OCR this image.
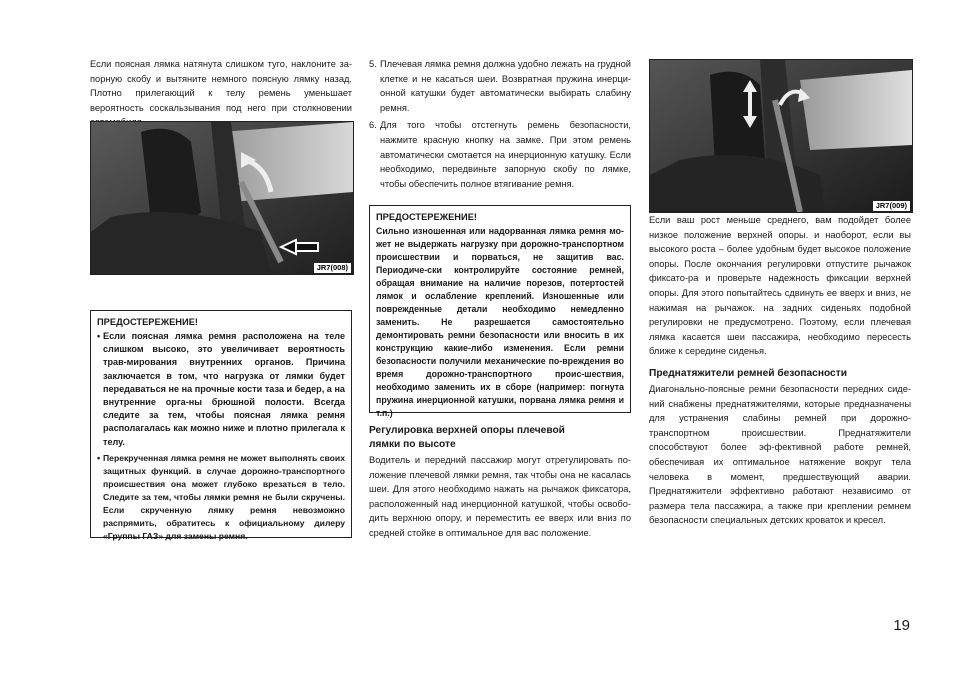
Если поясная лямка натянута слишком туго, наклоните за-порную скобу и вытяните немного поясную лямку назад. Плотно прилегающий к телу ремень уменьшает вероятность соскальзывания под него при столкновении

JR7(008)

ПРЕДОСТЕРЕЖЕНИЕ!

• Если поясная лямка ремня расположена на теле слишком высоко, это увеличивает вероятность трав-мирования внутренних органов. Причина заключается в том, что нагрузка от лямки будет передаваться не на прочные кости таза и бедер, а на внутренние орга-ны брюшной полости. Всегда следите за тем, чтобы поясная лямка ремня располагалась как можно ниже и плотно прилегала к телу.
• Перекрученная лямка ремня не может выполнять своих защитных функций. в случае дорожно-транспортного происшествия она может глубоко врезаться в тело. Следите за тем, чтобы лямки ремня не были скручены. Если скрученную лямку ремня невозможно распрямить, обратитесь к официальному дилеру «Группы ГАЗ» для замены ремня.
5. Плечевая лямка ремня должна удобно лежать на грудной клетке и не касаться шеи. Возвратная пружина инерци-онной катушки будет автоматически выбирать слабину ремня.
6. Для того чтобы отстегнуть ремень безопасности, нажмите красную кнопку на замке. При этом ремень автоматически смотается на инерционную катушку. Если необходимо, передвиньте запорную скобу по лямке, чтобы обеспечить полное втягивание ремня.

ПРЕДОСТЕРЕЖЕНИЕ!

Сильно изношенная или надорванная лямка ремня мо-жет не выдержать нагрузку при дорожно-транспортном происшествии и порваться, не защитив вас. Периодиче-ски контролируйте состояние ремней, обращая внимание на наличие порезов, потертостей лямок и ослабление креплений. Изношенные или поврежденные детали необходимо немедленно заменить. Не разрешается самостоятельно демонтировать ремни безопасности или вносить в их конструкцию какие-либо изменения. Если ремни безопасности получили механические по-вреждения во время дорожно-транспортного проис-шествия, необходимо заменить их в сборе (например: погнута пружина инерционной катушки, порвана лямка ремня и т.п.)

Регулировка верхней опоры плечевой лямки по высоте

Водитель и передний пассажир могут отрегулировать по-ложение плечевой лямки ремня, так чтобы она не касалась шеи. Для этого необходимо нажать на рычажок фиксатора, расположенный над инерционной катушкой, чтобы освобо-дить верхнюю опору, и переместить ее вверх или вниз по средней стойке в оптимальное для вас положение.

JR7(009)

Если ваш рост меньше среднего, вам подойдет более низкое положение верхней опоры. и наоборот, если вы высокого роста – более удобным будет высокое положение опоры. После окончания регулировки отпустите рычажок фиксато-ра и проверьте надежность фиксации верхней опоры. Для этого попытайтесь сдвинуть ее вверх и вниз, не нажимая на рычажок. на задних сиденьях подобной регулировки не предусмотрено. Поэтому, если плечевая лямка касается шеи пассажира, необходимо пересесть ближе к середине сиденья.

Преднатяжители ремней безопасности

Диагонально-поясные ремни безопасности передних сиде-ний снабжены преднатяжителями, которые предназначены для устранения слабины ремней при дорожно-транспортном происшествии. Преднатяжители способствуют более эф-фективной работе ремней, обеспечивая их оптимальное натяжение вокруг тела человека в момент, предшествующий аварии. Преднатяжители эффективно работают независимо от размера тела пассажира, а также при креплении ремнем безопасности специальных детских кроваток и кресел.

19
